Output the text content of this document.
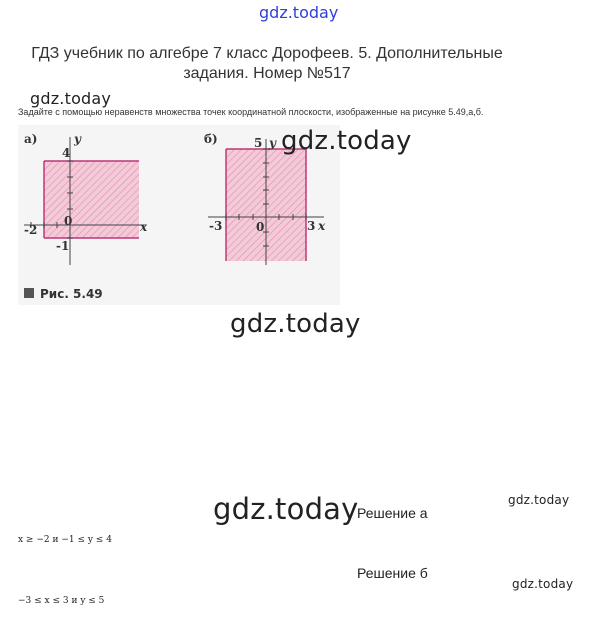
gdz.today
ГДЗ учебник по алгебре 7 класс Дорофеев. 5. Дополнительные задания. Номер №517
gdz.today

Задайте с помощью неравенств множества точек координатной плоскости, изображенные на рисунке 5.49,а,б.

а)	y
4
-2
0
-1
x
б)	5 y
-3	0	3 x
Рис. 5.49
gdz.today
gdz.today
gdz.today	gdz.today
Решение а
x ≥ −2 и −1 ≤ y ≤ 4
Решение б
gdz.today
−3 ≤ x ≤ 3 и y ≤ 5
